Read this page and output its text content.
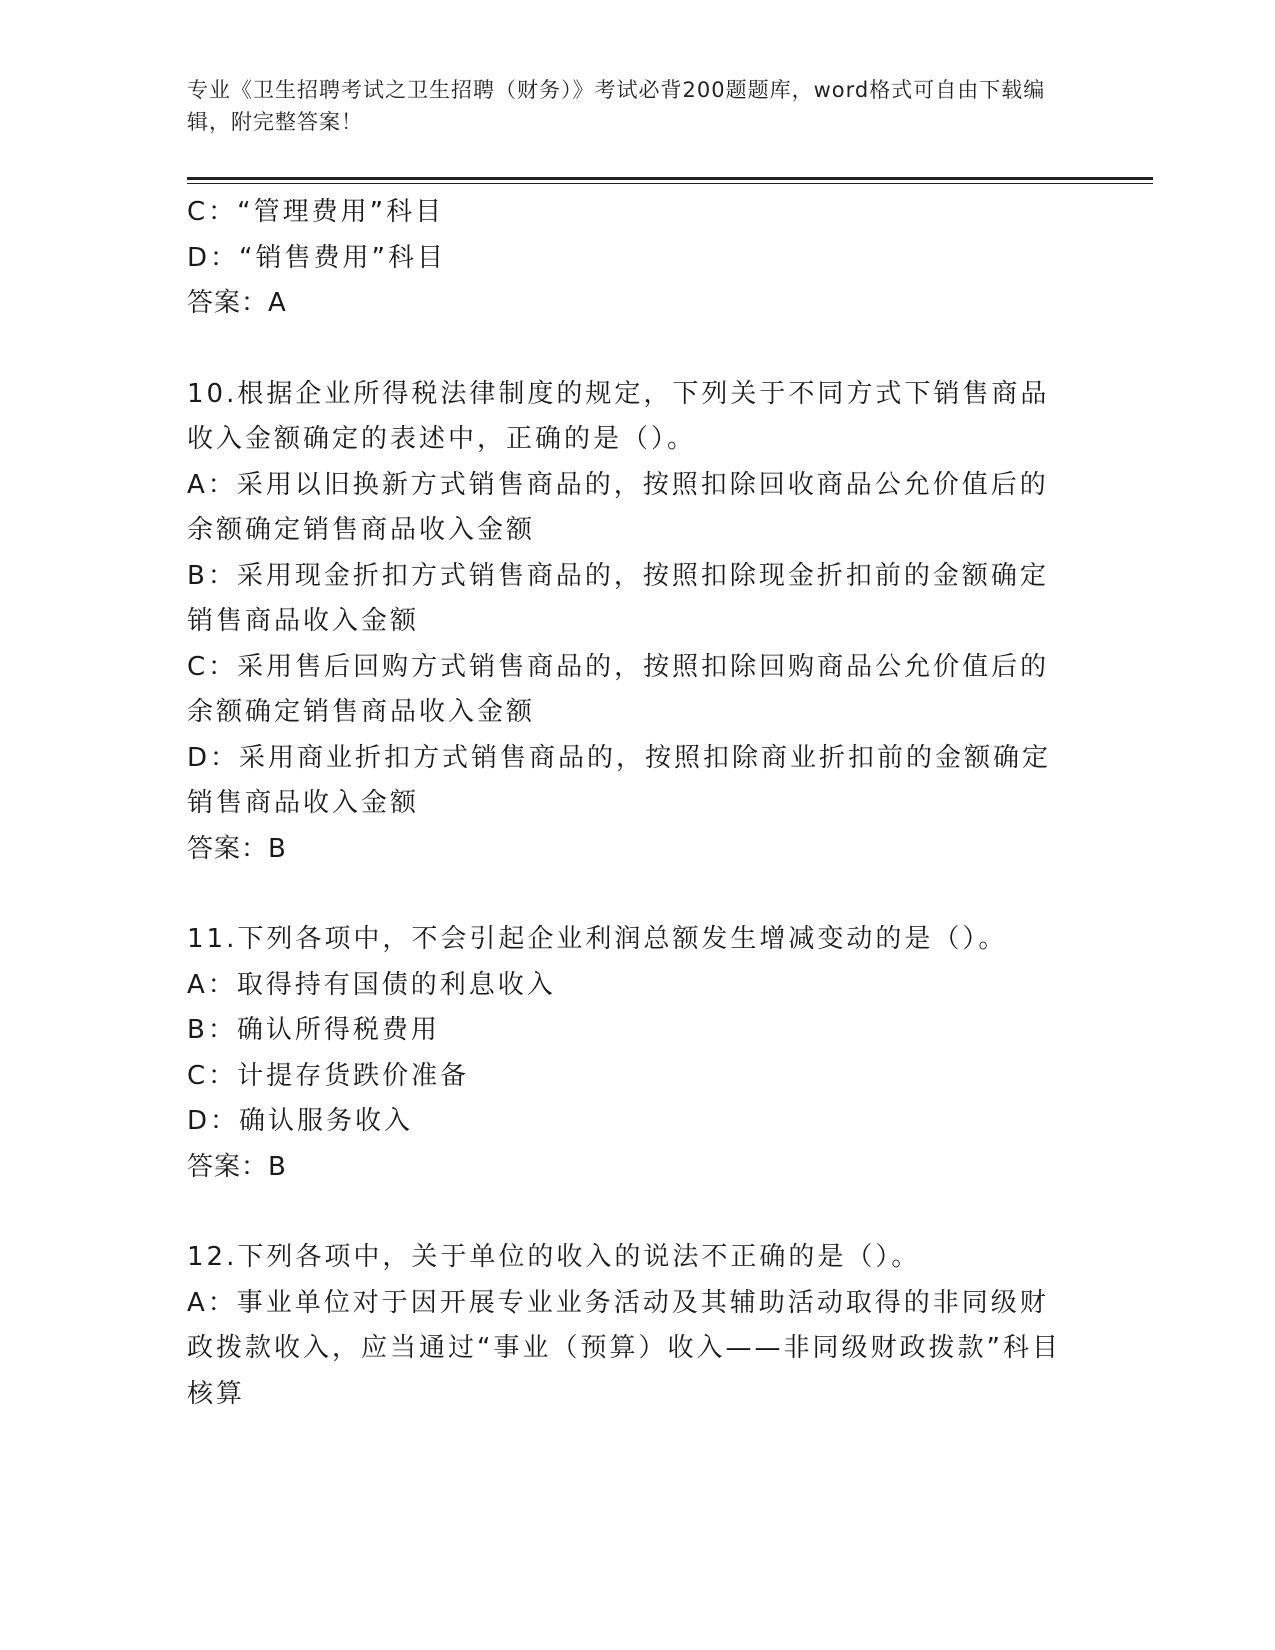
专业《卫生招聘考试之卫生招聘（财务）》考试必背200题题库，word格式可自由下载编辑，附完整答案！

C：“管理费用”科目

D：“销售费用”科目

答案：A

10.根据企业所得税法律制度的规定，下列关于不同方式下销售商品收入金额确定的表述中，正确的是（）。

A：采用以旧换新方式销售商品的，按照扣除回收商品公允价值后的余额确定销售商品收入金额

B：采用现金折扣方式销售商品的，按照扣除现金折扣前的金额确定销售商品收入金额

C：采用售后回购方式销售商品的，按照扣除回购商品公允价值后的余额确定销售商品收入金额

D：采用商业折扣方式销售商品的，按照扣除商业折扣前的金额确定销售商品收入金额

答案：B

11.下列各项中，不会引起企业利润总额发生增减变动的是（）。

A：取得持有国债的利息收入

B：确认所得税费用

C：计提存货跌价准备

D：确认服务收入

答案：B

12.下列各项中，关于单位的收入的说法不正确的是（）。

A：事业单位对于因开展专业业务活动及其辅助活动取得的非同级财政拨款收入，应当通过“事业（预算）收入——非同级财政拨款”科目核算
